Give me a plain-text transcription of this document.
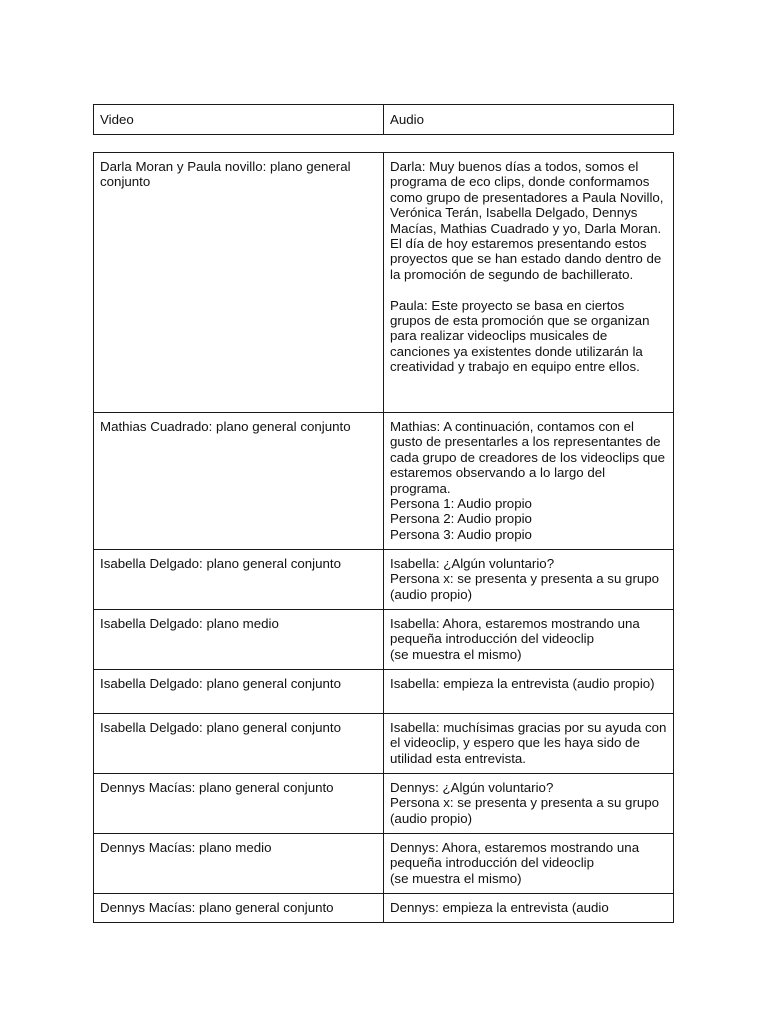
Video	Audio
Darla Moran y Paula novillo: plano general conjunto	Darla: Muy buenos días a todos, somos el programa de eco clips, donde conformamos como grupo de presentadores a Paula Novillo, Verónica Terán, Isabella Delgado, Dennys Macías, Mathias Cuadrado y yo, Darla Moran. El día de hoy estaremos presentando estos proyectos que se han estado dando dentro de la promoción de segundo de bachillerato.
Paula: Este proyecto se basa en ciertos grupos de esta promoción que se organizan para realizar videoclips musicales de canciones ya existentes donde utilizarán la creatividad y trabajo en equipo entre ellos.

Mathias Cuadrado: plano general conjunto	Mathias: A continuación, contamos con el gusto de presentarles a los representantes de cada grupo de creadores de los videoclips que estaremos observando a lo largo del programa.
Persona 1: Audio propio
Persona 2: Audio propio
Persona 3: Audio propio

Isabella Delgado: plano general conjunto	Isabella: ¿Algún voluntario?
Persona x: se presenta y presenta a su grupo (audio propio)

Isabella Delgado: plano medio	Isabella: Ahora, estaremos mostrando una pequeña introducción del videoclip
(se muestra el mismo)

Isabella Delgado: plano general conjunto	Isabella: empieza la entrevista (audio propio)

Isabella Delgado: plano general conjunto	Isabella: muchísimas gracias por su ayuda con el videoclip, y espero que les haya sido de utilidad esta entrevista.

Dennys Macías: plano general conjunto	Dennys: ¿Algún voluntario?
Persona x: se presenta y presenta a su grupo (audio propio)

Dennys Macías: plano medio	Dennys: Ahora, estaremos mostrando una pequeña introducción del videoclip
(se muestra el mismo)

Dennys Macías: plano general conjunto	Dennys: empieza la entrevista (audio
